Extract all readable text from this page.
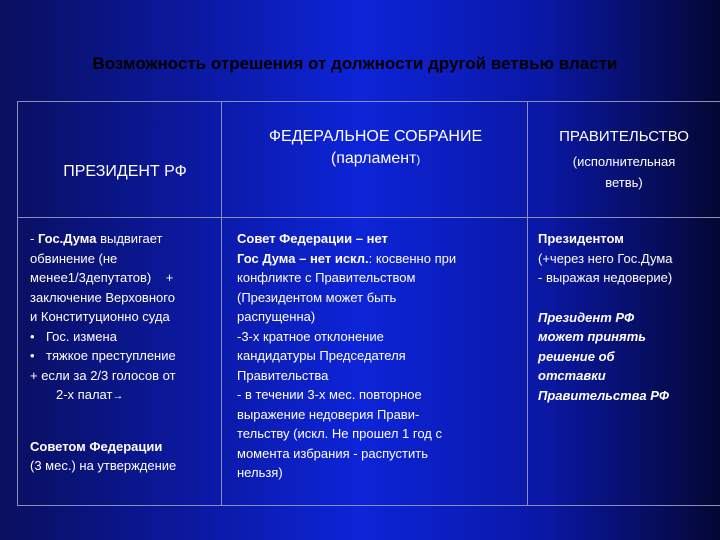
Возможность отрешения от должности другой ветвью власти
ПРЕЗИДЕНТ РФ
ФЕДЕРАЛЬНОЕ СОБРАНИЕ
(парламент)
ПРАВИТЕЛЬСТВО
(исполнительная
ветвь)
- Гос.Дума выдвигает
обвинение (не
менее1/3депутатов)    +
заключение Верховного
и Конституционно суда
• Гос. измена
• тяжкое преступление
+ если за 2/3 голосов от
2-х палат→
Советом Федерации
(3 мес.) на утверждение
Совет Федерации – нет
Гос Дума – нет искл.: косвенно при
конфликте с Правительством
(Президентом может быть
распущенна)
-3-х кратное отклонение
кандидатуры Председателя
Правительства
- в течении 3-х мес. повторное
выражение недоверия Прави-
тельству (искл. Не прошел 1 год с
момента избрания - распустить
нельзя)
Президентом
(+через него Гос.Дума
- выражая недоверие)
Президент РФ
может принять
решение об
отставки
Правительства РФ
